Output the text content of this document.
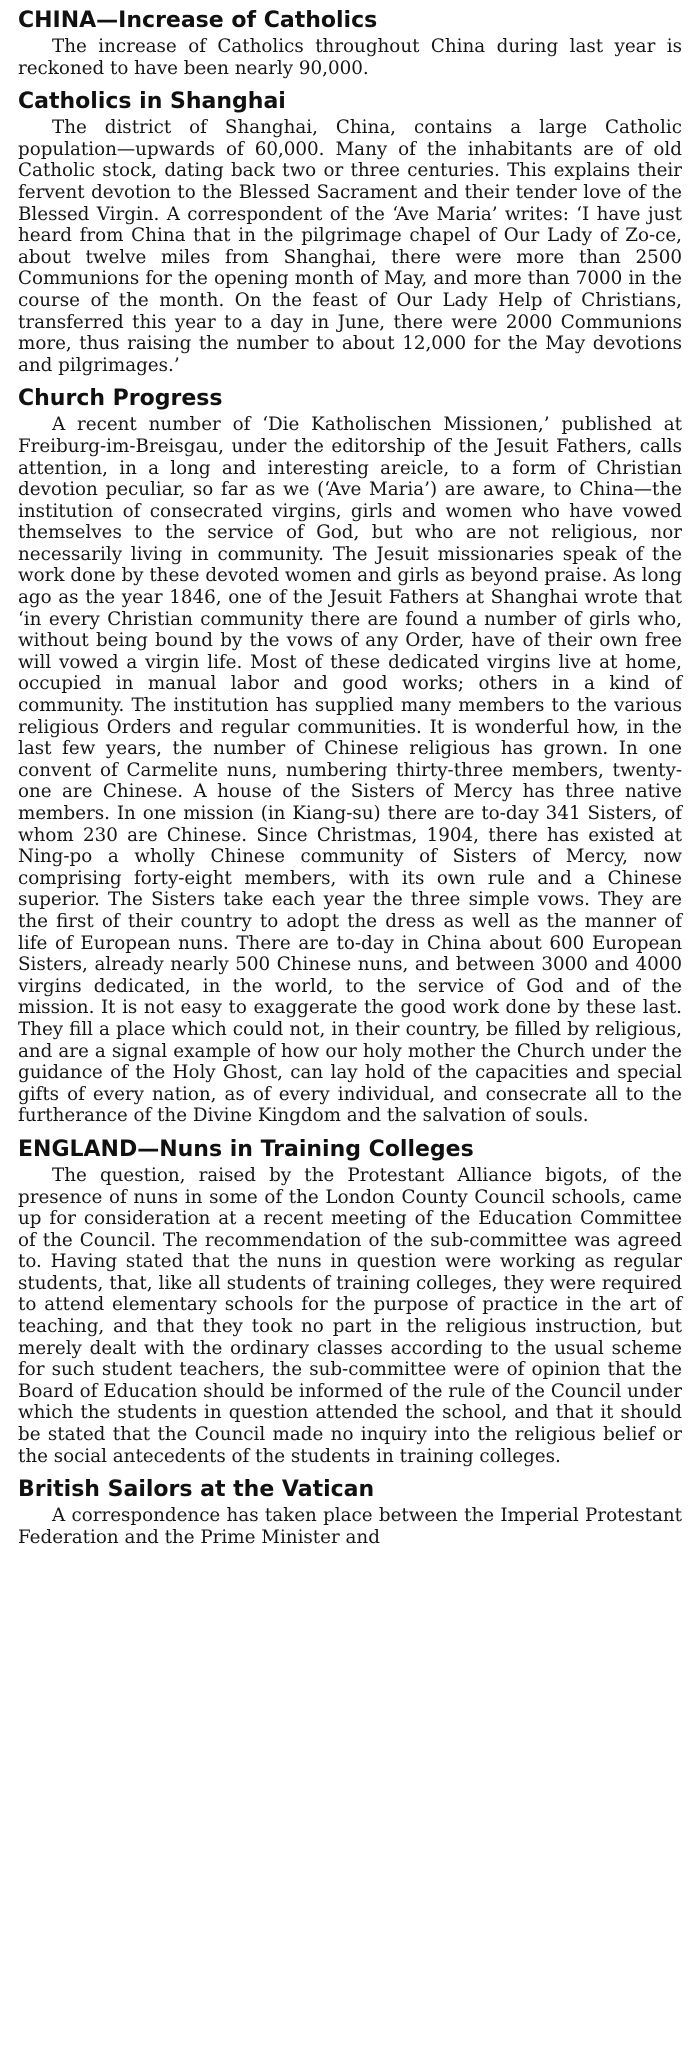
CHINA—Increase of Catholics

The increase of Catholics throughout China during last year is reckoned to have been nearly 90,000.

Catholics in Shanghai

The district of Shanghai, China, contains a large Catholic population—upwards of 60,000. Many of the inhabitants are of old Catholic stock, dating back two or three centuries. This explains their fervent devotion to the Blessed Sacrament and their tender love of the Blessed Virgin. A correspondent of the ‘Ave Maria’ writes: ‘I have just heard from China that in the pilgrimage chapel of Our Lady of Zo-ce, about twelve miles from Shanghai, there were more than 2500 Communions for the opening month of May, and more than 7000 in the course of the month. On the feast of Our Lady Help of Christians, transferred this year to a day in June, there were 2000 Communions more, thus raising the number to about 12,000 for the May devotions and pilgrimages.’

Church Progress

A recent number of ‘Die Katholischen Missionen,’ published at Freiburg-im-Breisgau, under the editorship of the Jesuit Fathers, calls attention, in a long and interesting areicle, to a form of Christian devotion peculiar, so far as we (‘Ave Maria’) are aware, to China—the institution of consecrated virgins, girls and women who have vowed themselves to the service of God, but who are not religious, nor necessarily living in community. The Jesuit missionaries speak of the work done by these devoted women and girls as beyond praise. As long ago as the year 1846, one of the Jesuit Fathers at Shanghai wrote that ‘in every Christian community there are found a number of girls who, without being bound by the vows of any Order, have of their own free will vowed a virgin life. Most of these dedicated virgins live at home, occupied in manual labor and good works; others in a kind of community. The institution has supplied many members to the various religious Orders and regular communities. It is wonderful how, in the last few years, the number of Chinese religious has grown. In one convent of Carmelite nuns, numbering thirty-three members, twenty-one are Chinese. A house of the Sisters of Mercy has three native members. In one mission (in Kiang-su) there are to-day 341 Sisters, of whom 230 are Chinese. Since Christmas, 1904, there has existed at Ning-po a wholly Chinese community of Sisters of Mercy, now comprising forty-eight members, with its own rule and a Chinese superior. The Sisters take each year the three simple vows. They are the first of their country to adopt the dress as well as the manner of life of European nuns. There are to-day in China about 600 European Sisters, already nearly 500 Chinese nuns, and between 3000 and 4000 virgins dedicated, in the world, to the service of God and of the mission. It is not easy to exaggerate the good work done by these last. They fill a place which could not, in their country, be filled by religious, and are a signal example of how our holy mother the Church under the guidance of the Holy Ghost, can lay hold of the capacities and special gifts of every nation, as of every individual, and consecrate all to the furtherance of the Divine Kingdom and the salvation of souls.

ENGLAND—Nuns in Training Colleges

The question, raised by the Protestant Alliance bigots, of the presence of nuns in some of the London County Council schools, came up for consideration at a recent meeting of the Education Committee of the Council. The recommendation of the sub-committee was agreed to. Having stated that the nuns in question were working as regular students, that, like all students of training colleges, they were required to attend elementary schools for the purpose of practice in the art of teaching, and that they took no part in the religious instruction, but merely dealt with the ordinary classes according to the usual scheme for such student teachers, the sub-committee were of opinion that the Board of Education should be informed of the rule of the Council under which the students in question attended the school, and that it should be stated that the Council made no inquiry into the religious belief or the social antecedents of the students in training colleges.

British Sailors at the Vatican

A correspondence has taken place between the Imperial Protestant Federation and the Prime Minister and
